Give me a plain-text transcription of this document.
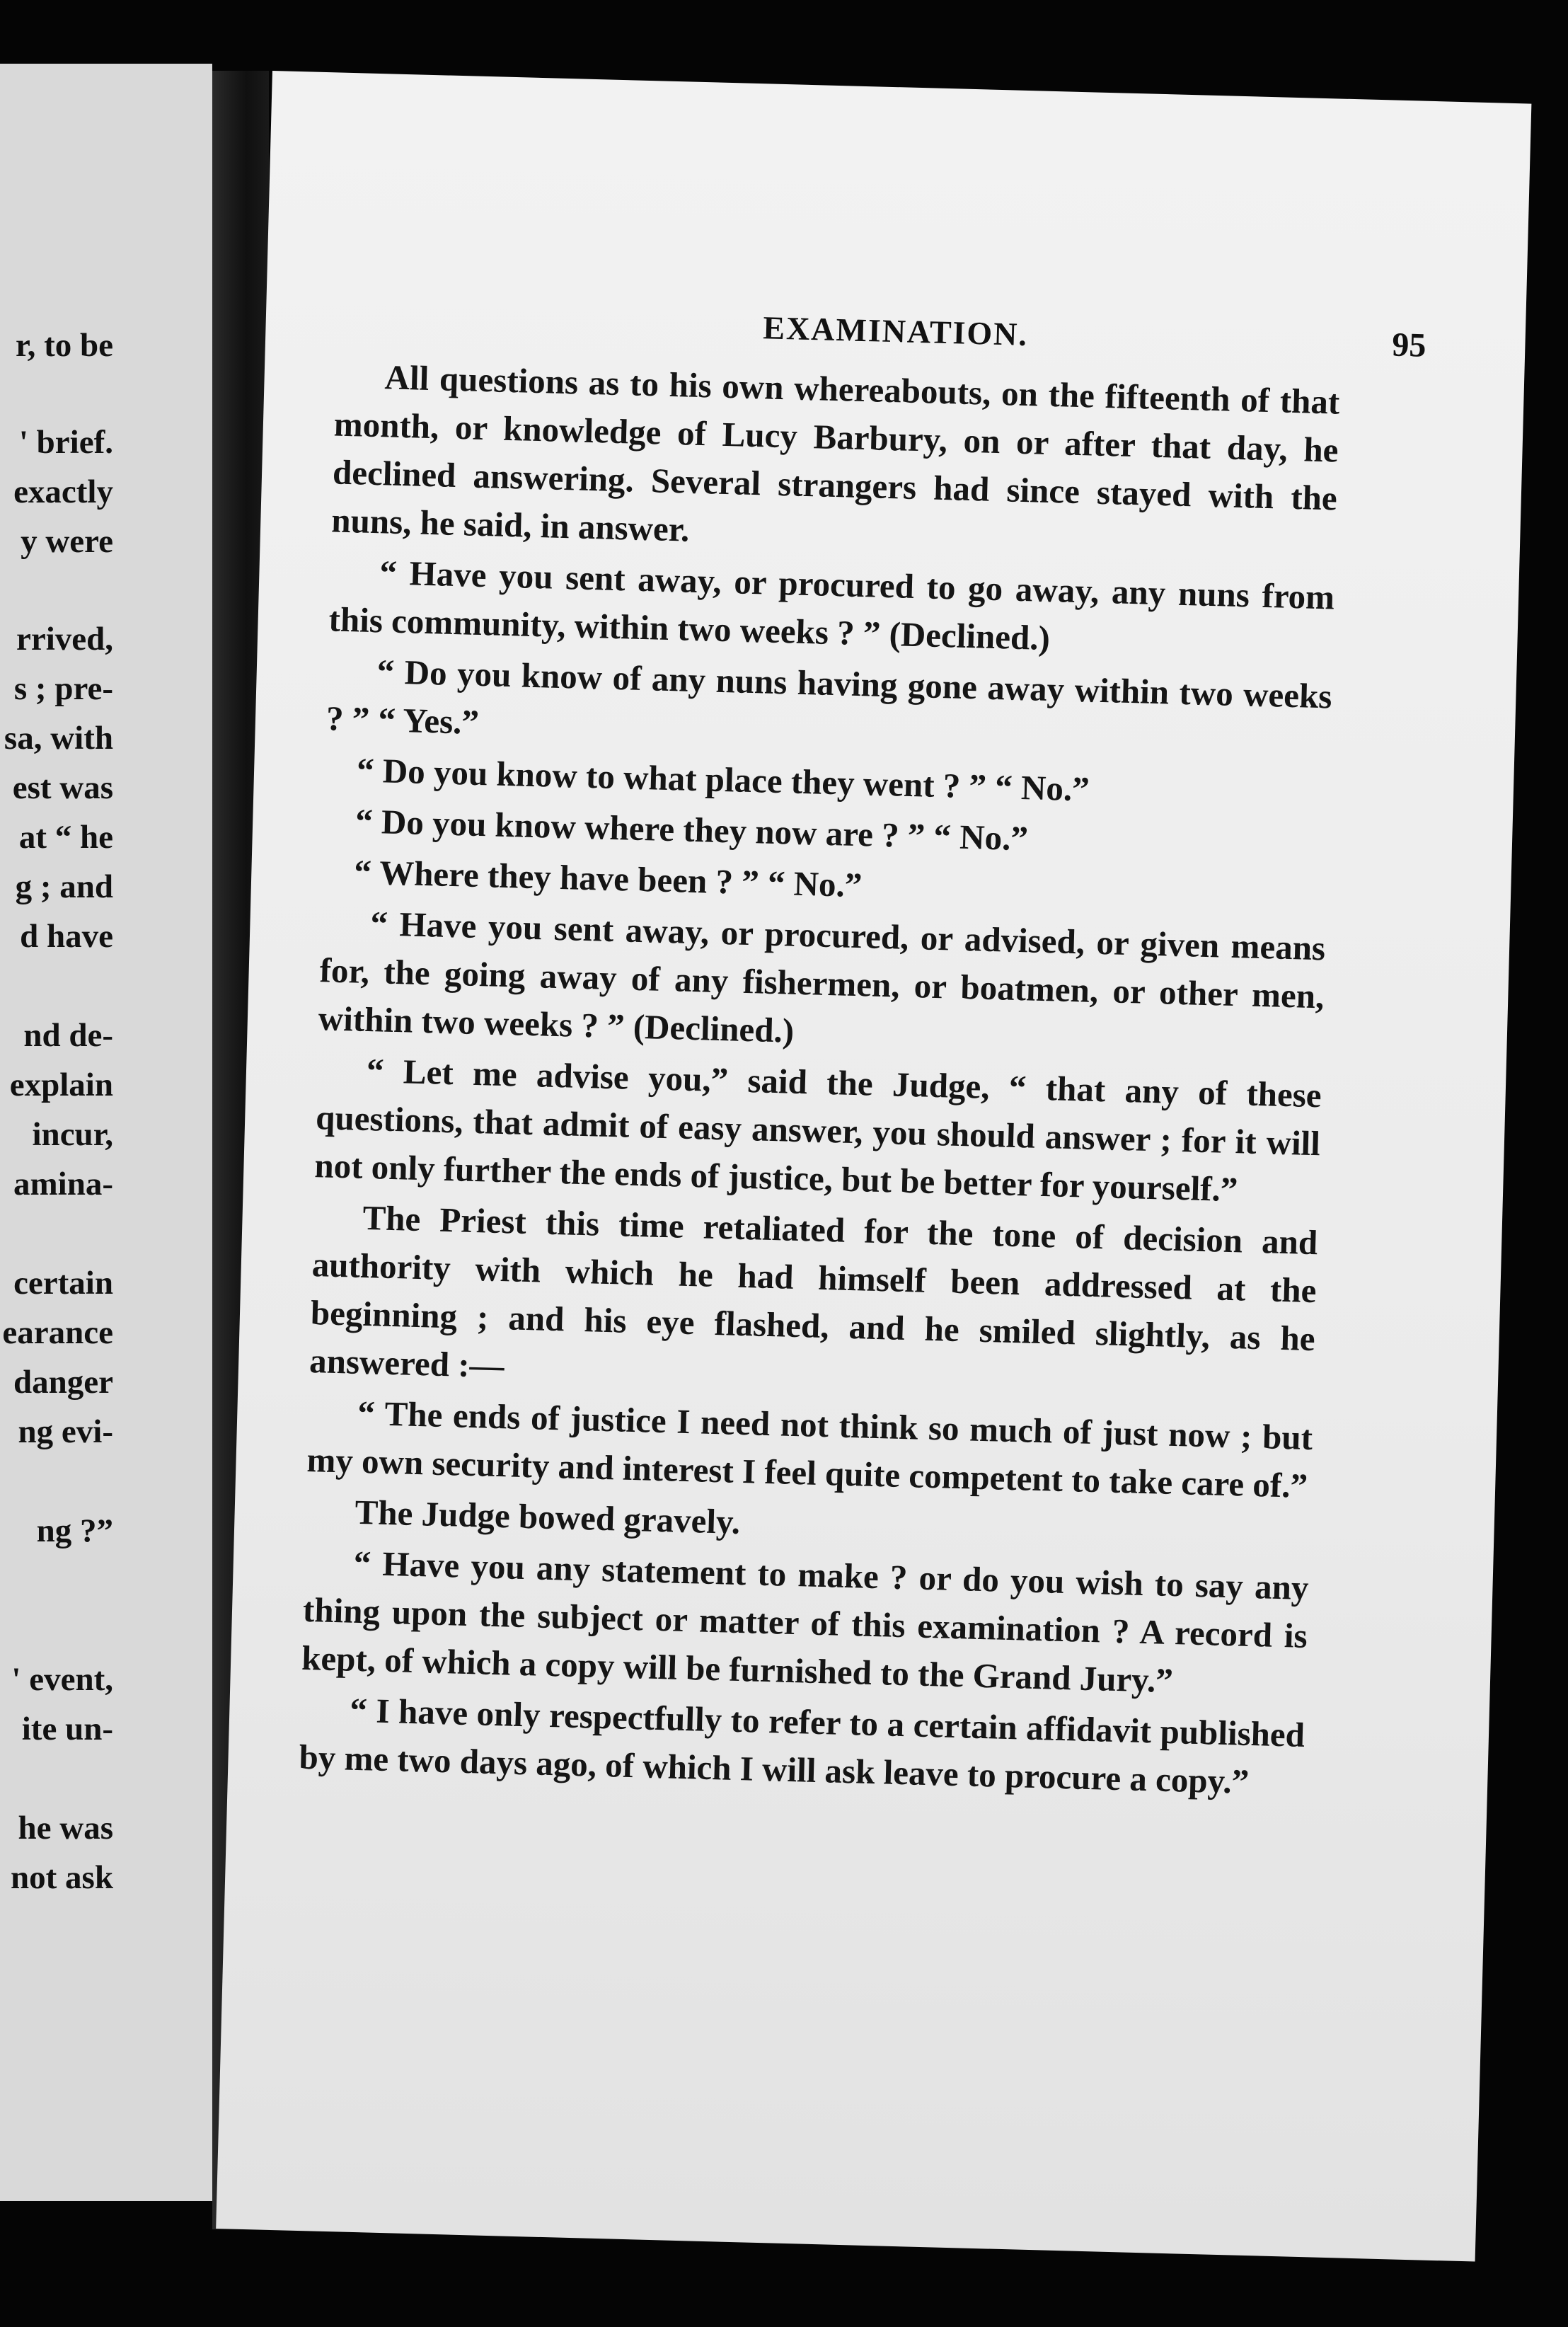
r, to be
' brief.
exactly
y were
rrived,
s ; pre-
sa, with
est was
at “ he
g ; and
d have
nd de-
explain
incur,
amina-
certain
earance
danger
ng evi-
ng ?”
' event,
ite un-
he was
not ask
EXAMINATION.	95

All questions as to his own whereabouts, on the fifteenth of that month, or knowledge of Lucy Barbury, on or after that day, he declined answering. Several strangers had since stayed with the nuns, he said, in answer.

“ Have you sent away, or procured to go away, any nuns from this community, within two weeks ? ” (Declined.)

“ Do you know of any nuns having gone away within two weeks ? ” “ Yes.”

“ Do you know to what place they went ? ” “ No.”

“ Do you know where they now are ? ” “ No.”

“ Where they have been ? ” “ No.”

“ Have you sent away, or procured, or advised, or given means for, the going away of any fishermen, or boatmen, or other men, within two weeks ? ” (Declined.)

“ Let me advise you,” said the Judge, “ that any of these questions, that admit of easy answer, you should answer ; for it will not only further the ends of justice, but be better for yourself.”

The Priest this time retaliated for the tone of decision and authority with which he had himself been addressed at the beginning ; and his eye flashed, and he smiled slightly, as he answered :—

“ The ends of justice I need not think so much of just now ; but my own security and interest I feel quite competent to take care of.”

The Judge bowed gravely.

“ Have you any statement to make ? or do you wish to say any thing upon the subject or matter of this examination ? A record is kept, of which a copy will be furnished to the Grand Jury.”

“ I have only respectfully to refer to a certain affidavit published by me two days ago, of which I will ask leave to procure a copy.”
